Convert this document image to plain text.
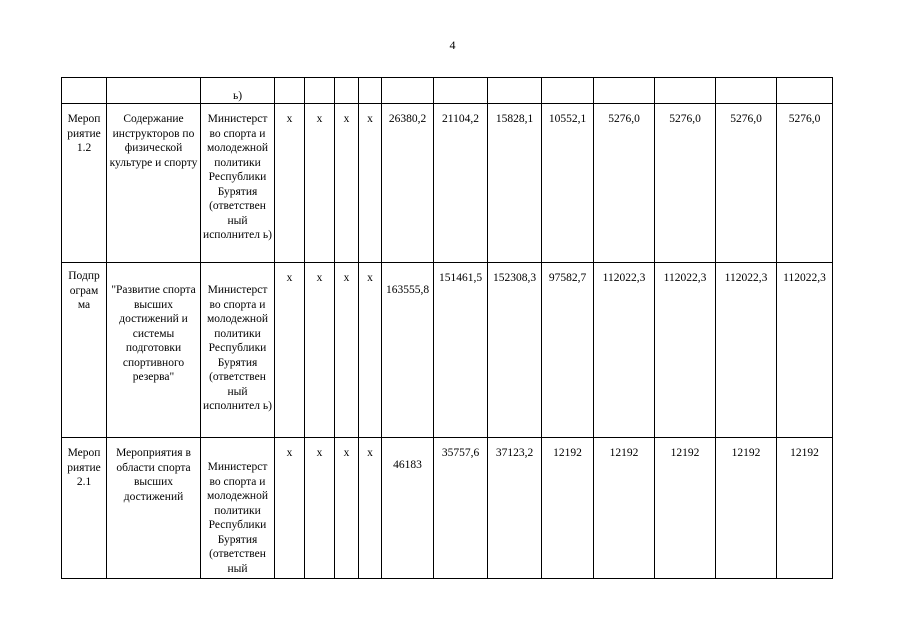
4
		ь)												
Мероп риятие 1.2	Содержание инструкторов по физической культуре и спорту	Министерст во спорта и молодежной политики Республики Бурятия (ответствен ный исполнител ь)	x	x	x	x	26380,2	21104,2	15828,1	10552,1	5276,0	5276,0	5276,0	5276,0
Подпр ограм ма	"Развитие спорта высших достижений и системы подготовки спортивного резерва"	Министерст во спорта и молодежной политики Республики Бурятия (ответствен ный исполнител ь)	x	x	x	x	163555,8	151461,5	152308,3	97582,7	112022,3	112022,3	112022,3	112022,3
Мероп риятие 2.1	Мероприятия в области спорта высших достижений	Министерст во спорта и молодежной политики Республики Бурятия (ответствен ный	x	x	x	x	46183	35757,6	37123,2	12192	12192	12192	12192	12192
